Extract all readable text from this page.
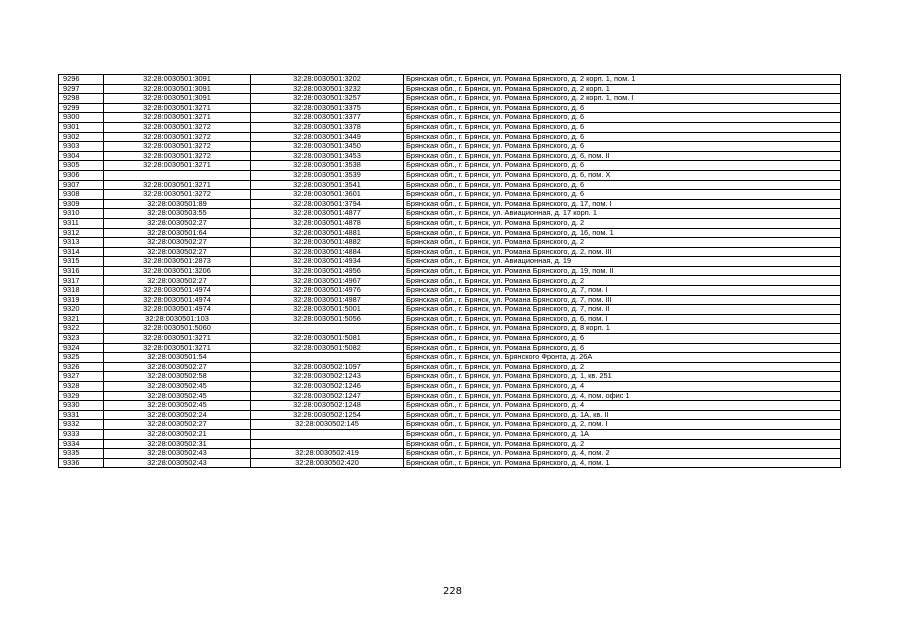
9296	32:28:0030501:3091	32:28:0030501:3202	Брянская обл., г. Брянск, ул. Романа Брянского, д. 2 корп. 1, пом. 1
9297	32:28:0030501:3091	32:28:0030501:3232	Брянская обл., г. Брянск, ул. Романа Брянского, д. 2 корп. 1
9298	32:28:0030501:3091	32:28:0030501:3257	Брянская обл., г. Брянск, ул. Романа Брянского, д. 2 корп. 1, пом. I
9299	32:28:0030501:3271	32:28:0030501:3375	Брянская обл., г. Брянск, ул. Романа Брянского, д. 6
9300	32:28:0030501:3271	32:28:0030501:3377	Брянская обл., г. Брянск, ул. Романа Брянского, д. 6
9301	32:28:0030501:3272	32:28:0030501:3378	Брянская обл., г. Брянск, ул. Романа Брянского, д. 6
9302	32:28:0030501:3272	32:28:0030501:3449	Брянская обл., г. Брянск, ул. Романа Брянского, д. 6
9303	32:28:0030501:3272	32:28:0030501:3450	Брянская обл., г. Брянск, ул. Романа Брянского, д. 6
9304	32:28:0030501:3272	32:28:0030501:3453	Брянская обл., г. Брянск, ул. Романа Брянского, д. 6, пом. II
9305	32:28:0030501:3271	32:28:0030501:3538	Брянская обл., г. Брянск, ул. Романа Брянского, д. 6
9306		32:28:0030501:3539	Брянская обл., г. Брянск, ул. Романа Брянского, д. 6, пом. X
9307	32:28:0030501:3271	32:28:0030501:3541	Брянская обл., г. Брянск, ул. Романа Брянского, д. 6
9308	32:28:0030501:3272	32:28:0030501:3601	Брянская обл., г. Брянск, ул. Романа Брянского, д. 6
9309	32:28:0030501:89	32:28:0030501:3794	Брянская обл., г. Брянск, ул. Романа Брянского, д. 17, пом. I
9310	32:28:0030503:55	32:28:0030501:4877	Брянская обл., г. Брянск, ул. Авиационная, д. 17 корп. 1
9311	32:28:0030502:27	32:28:0030501:4878	Брянская обл., г. Брянск, ул. Романа Брянского, д. 2
9312	32:28:0030501:64	32:28:0030501:4881	Брянская обл., г. Брянск, ул. Романа Брянского, д. 16, пом. 1
9313	32:28:0030502:27	32:28:0030501:4882	Брянская обл., г. Брянск, ул. Романа Брянского, д. 2
9314	32:28:0030502:27	32:28:0030501:4884	Брянская обл., г. Брянск, ул. Романа Брянского, д. 2, пом. III
9315	32:28:0030501:2873	32:28:0030501:4934	Брянская обл., г. Брянск, ул. Авиационная, д. 19
9316	32:28:0030501:3206	32:28:0030501:4956	Брянская обл., г. Брянск, ул. Романа Брянского, д. 19, пом. II
9317	32:28:0030502:27	32:28:0030501:4967	Брянская обл., г. Брянск, ул. Романа Брянского, д. 2
9318	32:28:0030501:4974	32:28:0030501:4976	Брянская обл., г. Брянск, ул. Романа Брянского, д. 7, пом. I
9319	32:28:0030501:4974	32:28:0030501:4987	Брянская обл., г. Брянск, ул. Романа Брянского, д. 7, пом. III
9320	32:28:0030501:4974	32:28:0030501:5001	Брянская обл., г. Брянск, ул. Романа Брянского, д. 7, пом. II
9321	32:28:0030501:103	32:28:0030501:5056	Брянская обл., г. Брянск, ул. Романа Брянского, д. 6, пом. I
9322	32:28:0030501:5060		Брянская обл., г. Брянск, ул. Романа Брянского, д. 8 корп. 1
9323	32:28:0030501:3271	32:28:0030501:5081	Брянская обл., г. Брянск, ул. Романа Брянского, д. 6
9324	32:28:0030501:3271	32:28:0030501:5082	Брянская обл., г. Брянск, ул. Романа Брянского, д. 6
9325	32:28:0030501:54		Брянская обл., г. Брянск, ул. Брянского Фронта, д. 26А
9326	32:28:0030502:27	32:28:0030502:1097	Брянская обл., г. Брянск, ул. Романа Брянского, д. 2
9327	32:28:0030502:58	32:28:0030502:1243	Брянская обл., г. Брянск, ул. Романа Брянского, д. 1, кв. 251
9328	32:28:0030502:45	32:28:0030502:1246	Брянская обл., г. Брянск, ул. Романа Брянского, д. 4
9329	32:28:0030502:45	32:28:0030502:1247	Брянская обл., г. Брянск, ул. Романа Брянского, д. 4, пом. офис 1
9330	32:28:0030502:45	32:28:0030502:1248	Брянская обл., г. Брянск, ул. Романа Брянского, д. 4
9331	32:28:0030502:24	32:28:0030502:1254	Брянская обл., г. Брянск, ул. Романа Брянского, д. 1А, кв. II
9332	32:28:0030502:27	32:28:0030502:145	Брянская обл., г. Брянск, ул. Романа Брянского, д. 2, пом. I
9333	32:28:0030502:21		Брянская обл., г. Брянск, ул. Романа Брянского, д. 1А
9334	32:28:0030502:31		Брянская обл., г. Брянск, ул. Романа Брянского, д. 2
9335	32:28:0030502:43	32:28:0030502:419	Брянская обл., г. Брянск, ул. Романа Брянского, д. 4, пом. 2
9336	32:28:0030502:43	32:28:0030502:420	Брянская обл., г. Брянск, ул. Романа Брянского, д. 4, пом. 1
228
